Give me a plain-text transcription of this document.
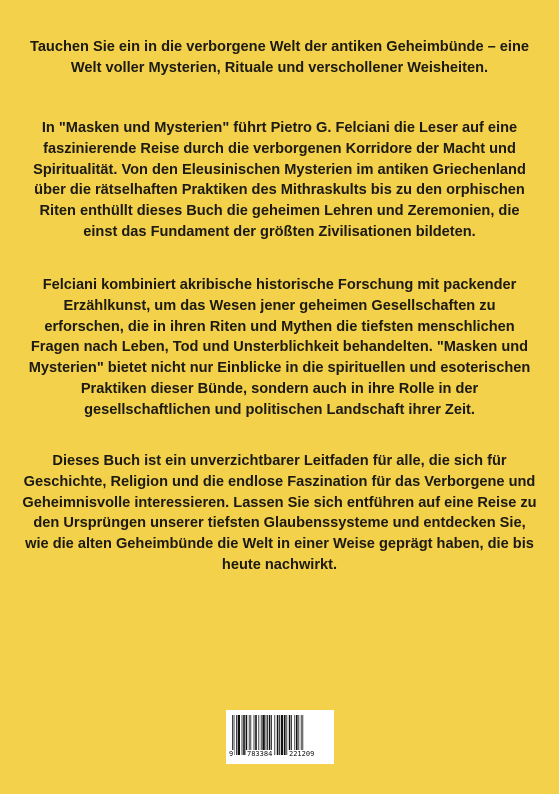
Tauchen Sie ein in die verborgene Welt der antiken Geheimbünde – eine Welt voller Mysterien, Rituale und verschollener Weisheiten.

In "Masken und Mysterien" führt Pietro G. Felciani die Leser auf eine faszinierende Reise durch die verborgenen Korridore der Macht und Spiritualität. Von den Eleusinischen Mysterien im antiken Griechenland über die rätselhaften Praktiken des Mithraskults bis zu den orphischen Riten enthüllt dieses Buch die geheimen Lehren und Zeremonien, die einst das Fundament der größten Zivilisationen bildeten.

Felciani kombiniert akribische historische Forschung mit packender Erzählkunst, um das Wesen jener geheimen Gesellschaften zu erforschen, die in ihren Riten und Mythen die tiefsten menschlichen Fragen nach Leben, Tod und Unsterblichkeit behandelten. "Masken und Mysterien" bietet nicht nur Einblicke in die spirituellen und esoterischen Praktiken dieser Bünde, sondern auch in ihre Rolle in der gesellschaftlichen und politischen Landschaft ihrer Zeit.

Dieses Buch ist ein unverzichtbarer Leitfaden für alle, die sich für Geschichte, Religion und die endlose Faszination für das Verborgene und Geheimnisvolle interessieren. Lassen Sie sich entführen auf eine Reise zu den Ursprüngen unserer tiefsten Glaubenssysteme und entdecken Sie, wie die alten Geheimbünde die Welt in einer Weise geprägt haben, die bis heute nachwirkt.

9 783384 221209
